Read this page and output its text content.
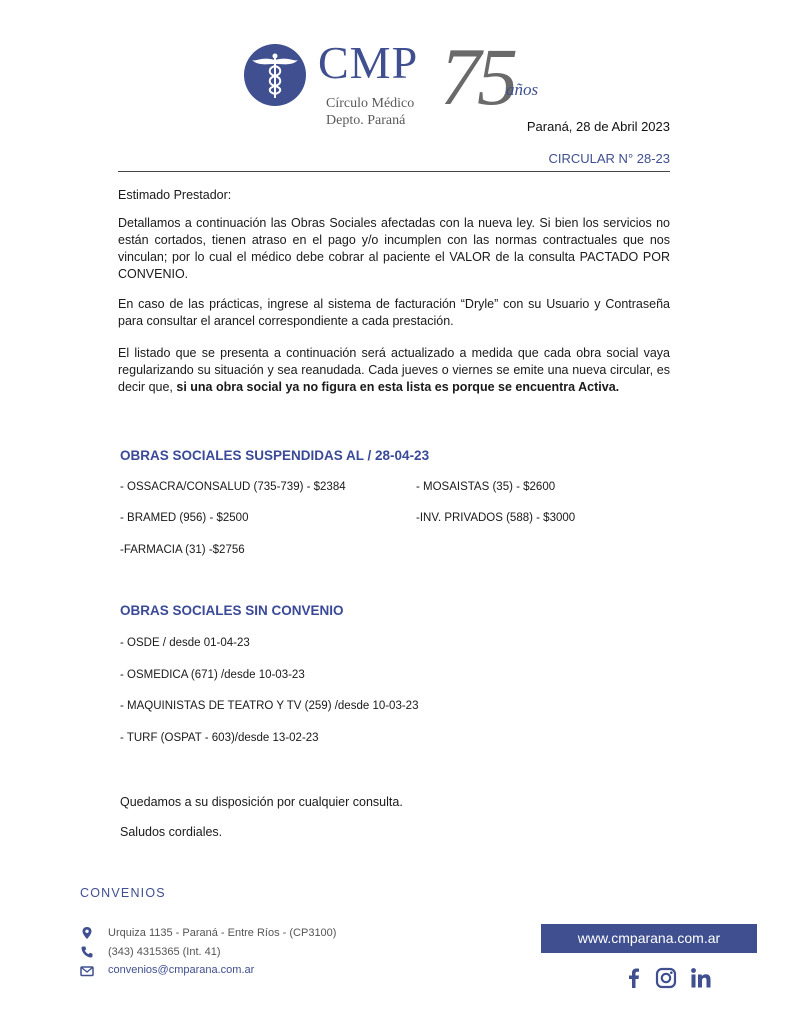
CMP
Círculo Médico
Depto. Paraná 75
años
Paraná, 28 de Abril 2023
CIRCULAR N° 28-23
Estimado Prestador:
Detallamos a continuación las Obras Sociales afectadas con la nueva ley. Si bien los servicios no están cortados, tienen atraso en el pago y/o incumplen con las normas contractuales que nos vinculan; por lo cual el médico debe cobrar al paciente el VALOR de la consulta PACTADO POR CONVENIO.
En caso de las prácticas, ingrese al sistema de facturación “Dryle” con su Usuario y Contraseña para consultar el arancel correspondiente a cada prestación.
El listado que se presenta a continuación será actualizado a medida que cada obra social vaya regularizando su situación y sea reanudada. Cada jueves o viernes se emite una nueva circular, es decir que, si una obra social ya no figura en esta lista es porque se encuentra Activa.
OBRAS SOCIALES SUSPENDIDAS AL / 28-04-23
- OSSACRA/CONSALUD (735-739) - $2384
- BRAMED (956) - $2500
-FARMACIA (31) -$2756
- MOSAISTAS (35) - $2600
-INV. PRIVADOS (588) - $3000
OBRAS SOCIALES SIN CONVENIO
- OSDE / desde 01-04-23
- OSMEDICA (671) /desde 10-03-23
- MAQUINISTAS DE TEATRO Y TV (259) /desde 10-03-23
- TURF (OSPAT - 603)/desde 13-02-23
Quedamos a su disposición por cualquier consulta.
Saludos cordiales.
CONVENIOS
Urquiza 1135 - Paraná - Entre Ríos - (CP3100)
(343) 4315365 (Int. 41)
convenios@cmparana.com.ar
www.cmparana.com.ar
